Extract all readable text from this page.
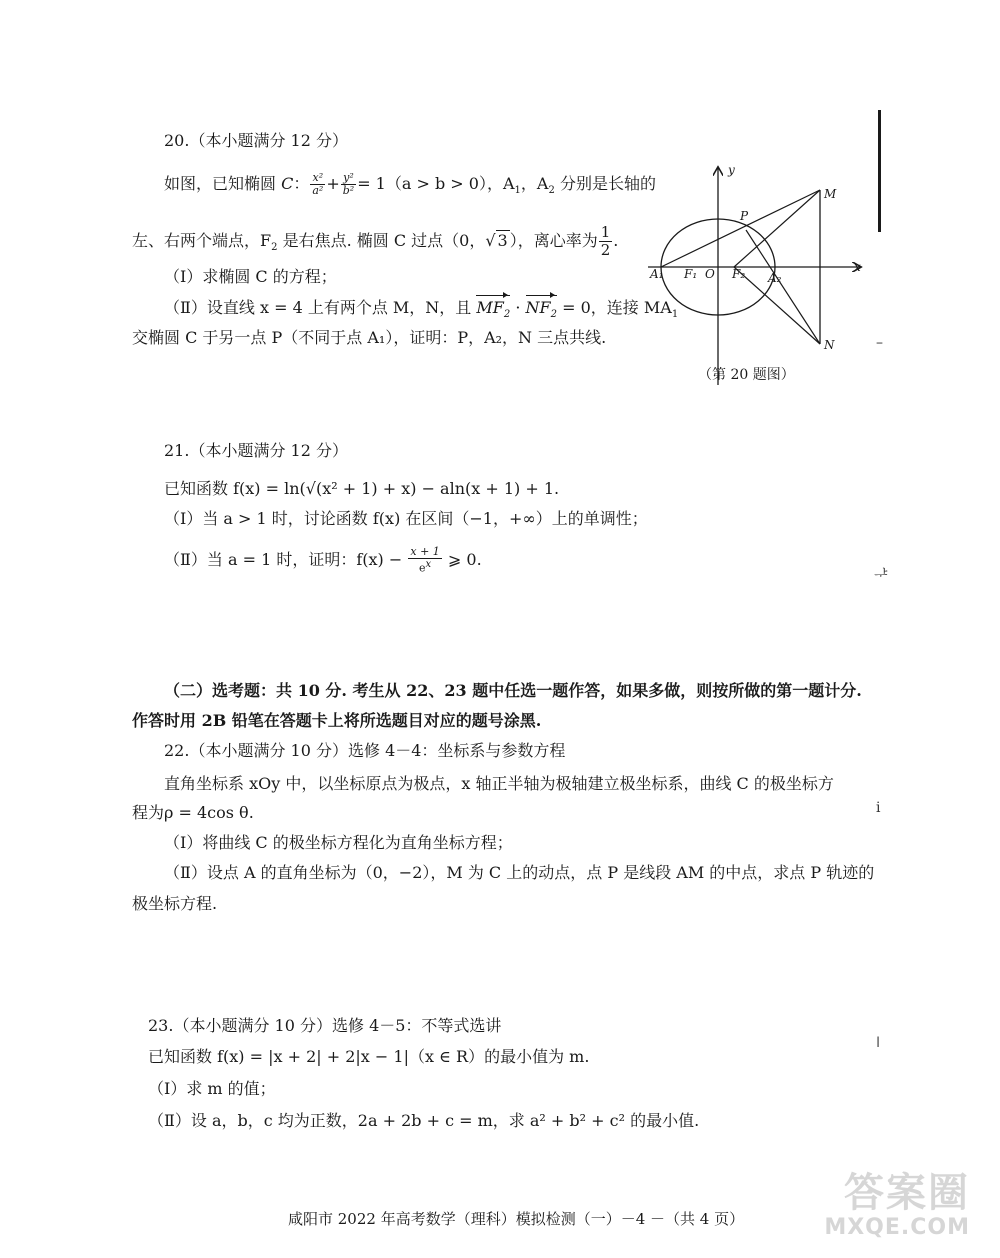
–
ᅷ
ⅰ
ǀ
20.（本小题满分 12 分）
如图，已知椭圆 C： $\frac{\text{x²}}{\text{a²}} + \frac{\text{y²}}{\text{b²}} = 1(a > b > 0)$，$A_1$，$A_2$ 分别是长轴的
左、右两个端点，$F_2$ 是右焦点. 椭圆 C 过点（0，√ 3 ），离心率为 $\frac{1}{2}$ .
（Ⅰ）求椭圆 C 的方程；
（Ⅱ）设直线 x = 4 上有两个点 M，N，且 $MF_2 \cdot NF_2 = 0$，连接 $MA_1$
交椭圆 C 于另一点 P（不同于点 A₁），证明：P，A₂，N 三点共线.
y
x
M
N
P
A₁ F₁ O F₂ A₂
（第 20 题图）
21.（本小题满分 12 分）
已知函数 f(x) = ln(√(x² + 1) + x) − aln(x + 1) + 1.
（Ⅰ）当 a > 1 时，讨论函数 f(x) 在区间（−1，+∞）上的单调性；
（Ⅱ）当 a = 1 时，证明：$f(x) - \frac{x + 1}{e^x}$ ⩾ 0.
（二）选考题：共 10 分. 考生从 22、23 题中任选一题作答，如果多做，则按所做的第一题计分.
作答时用 2B 铅笔在答题卡上将所选题目对应的题号涂黑.
22.（本小题满分 10 分）选修 4－4：坐标系与参数方程
直角坐标系 xOy 中，以坐标原点为极点，x 轴正半轴为极轴建立极坐标系，曲线 C 的极坐标方
程为ρ = 4cos θ.
（Ⅰ）将曲线 C 的极坐标方程化为直角坐标方程；
（Ⅱ）设点 A 的直角坐标为（0，−2），M 为 C 上的动点，点 P 是线段 AM 的中点，求点 P 轨迹的
极坐标方程.
23.（本小题满分 10 分）选修 4－5：不等式选讲
已知函数 f(x) = |x + 2| + 2|x − 1|（x ∈ R）的最小值为 m.
（Ⅰ）求 m 的值；
（Ⅱ）设 a，b，c 均为正数，2a + 2b + c = m，求 a² + b² + c² 的最小值.
咸阳市 2022 年高考数学（理科）模拟检测（一）－4 －（共 4 页）
答案圈
MXQE.COM
